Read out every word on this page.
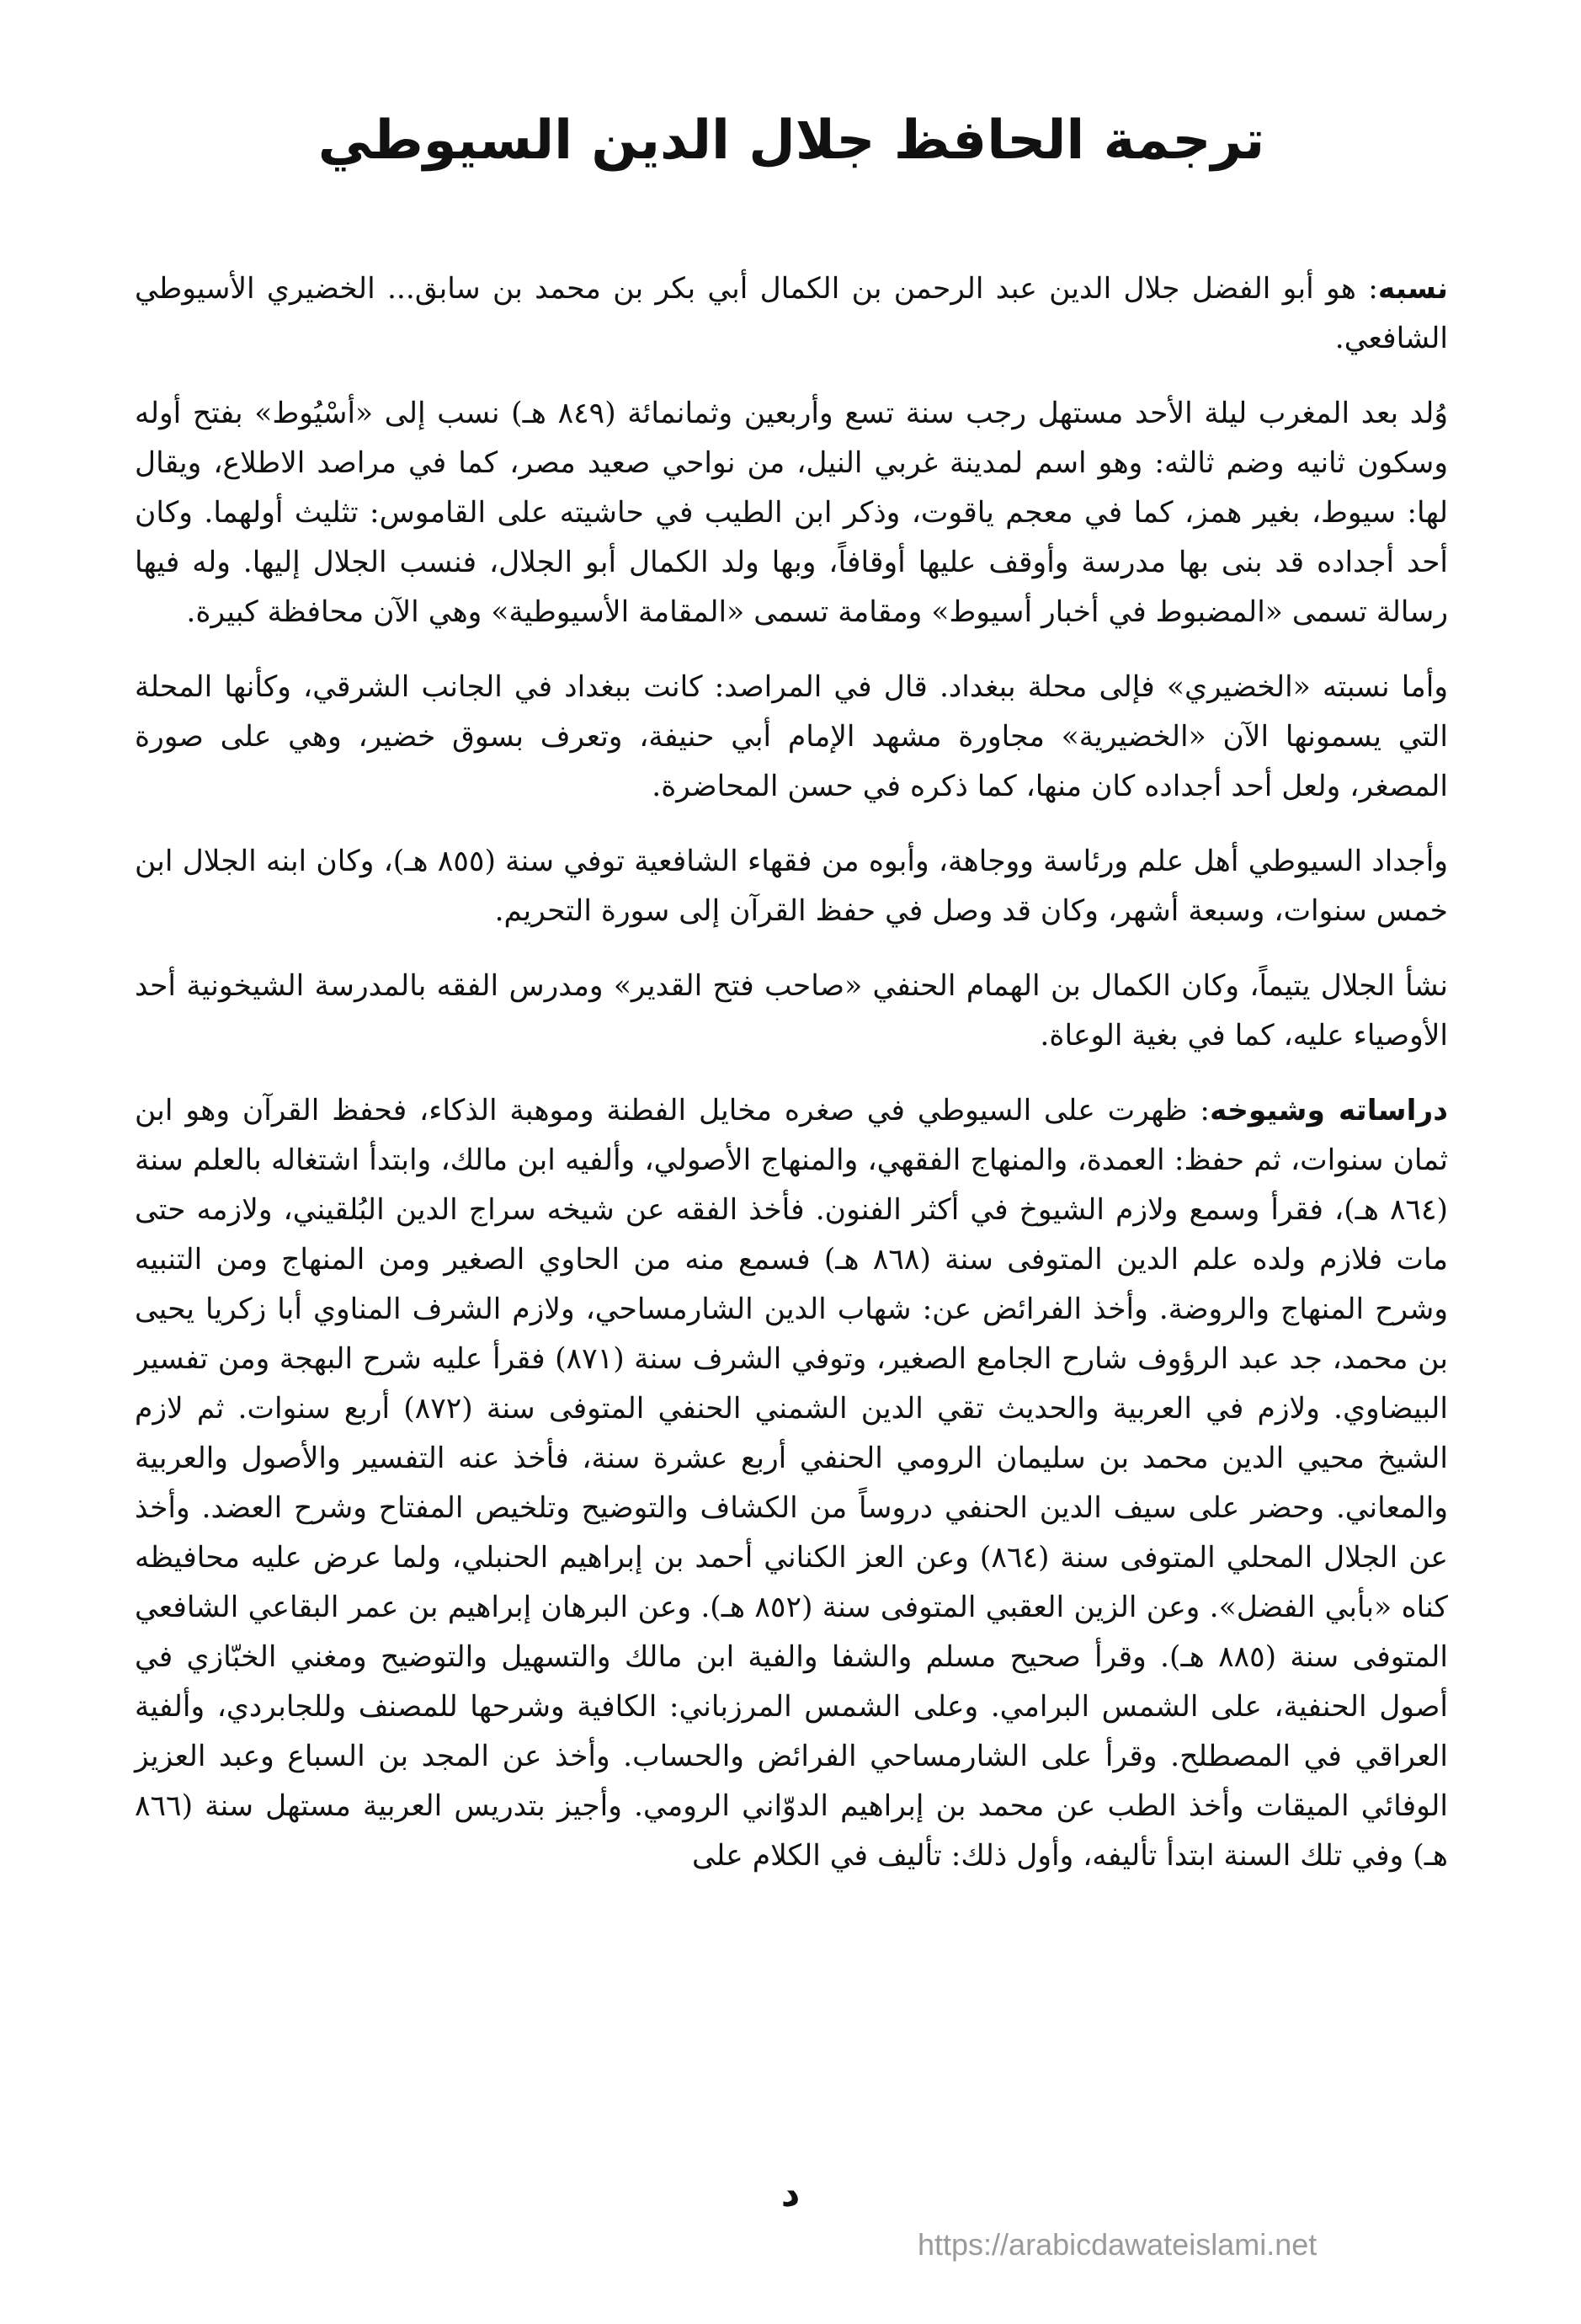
ترجمة الحافظ جلال الدين السيوطي

نسبه: هو أبو الفضل جلال الدين عبد الرحمن بن الكمال أبي بكر بن محمد بن سابق... الخضيري الأسيوطي الشافعي.

وُلد بعد المغرب ليلة الأحد مستهل رجب سنة تسع وأربعين وثمانمائة (٨٤٩ هـ) نسب إلى «أسْيُوط» بفتح أوله وسكون ثانيه وضم ثالثه: وهو اسم لمدينة غربي النيل، من نواحي صعيد مصر، كما في مراصد الاطلاع، ويقال لها: سيوط، بغير همز، كما في معجم ياقوت، وذكر ابن الطيب في حاشيته على القاموس: تثليث أولهما. وكان أحد أجداده قد بنى بها مدرسة وأوقف عليها أوقافاً، وبها ولد الكمال أبو الجلال، فنسب الجلال إليها. وله فيها رسالة تسمى «المضبوط في أخبار أسيوط» ومقامة تسمى «المقامة الأسيوطية» وهي الآن محافظة كبيرة.

وأما نسبته «الخضيري» فإلى محلة ببغداد. قال في المراصد: كانت ببغداد في الجانب الشرقي، وكأنها المحلة التي يسمونها الآن «الخضيرية» مجاورة مشهد الإمام أبي حنيفة، وتعرف بسوق خضير، وهي على صورة المصغر، ولعل أحد أجداده كان منها، كما ذكره في حسن المحاضرة.

وأجداد السيوطي أهل علم ورئاسة ووجاهة، وأبوه من فقهاء الشافعية توفي سنة (٨٥٥ هـ)، وكان ابنه الجلال ابن خمس سنوات، وسبعة أشهر، وكان قد وصل في حفظ القرآن إلى سورة التحريم.

نشأ الجلال يتيماً، وكان الكمال بن الهمام الحنفي «صاحب فتح القدير» ومدرس الفقه بالمدرسة الشيخونية أحد الأوصياء عليه، كما في بغية الوعاة.

دراساته وشيوخه: ظهرت على السيوطي في صغره مخايل الفطنة وموهبة الذكاء، فحفظ القرآن وهو ابن ثمان سنوات، ثم حفظ: العمدة، والمنهاج الفقهي، والمنهاج الأصولي، وألفيه ابن مالك، وابتدأ اشتغاله بالعلم سنة (٨٦٤ هـ)، فقرأ وسمع ولازم الشيوخ في أكثر الفنون. فأخذ الفقه عن شيخه سراج الدين البُلقيني، ولازمه حتى مات فلازم ولده علم الدين المتوفى سنة (٨٦٨ هـ) فسمع منه من الحاوي الصغير ومن المنهاج ومن التنبيه وشرح المنهاج والروضة. وأخذ الفرائض عن: شهاب الدين الشارمساحي، ولازم الشرف المناوي أبا زكريا يحيى بن محمد، جد عبد الرؤوف شارح الجامع الصغير، وتوفي الشرف سنة (٨٧١) فقرأ عليه شرح البهجة ومن تفسير البيضاوي. ولازم في العربية والحديث تقي الدين الشمني الحنفي المتوفى سنة (٨٧٢) أربع سنوات. ثم لازم الشيخ محيي الدين محمد بن سليمان الرومي الحنفي أربع عشرة سنة، فأخذ عنه التفسير والأصول والعربية والمعاني. وحضر على سيف الدين الحنفي دروساً من الكشاف والتوضيح وتلخيص المفتاح وشرح العضد. وأخذ عن الجلال المحلي المتوفى سنة (٨٦٤) وعن العز الكناني أحمد بن إبراهيم الحنبلي، ولما عرض عليه محافيظه كناه «بأبي الفضل». وعن الزين العقبي المتوفى سنة (٨٥٢ هـ). وعن البرهان إبراهيم بن عمر البقاعي الشافعي المتوفى سنة (٨٨٥ هـ). وقرأ صحيح مسلم والشفا والفية ابن مالك والتسهيل والتوضيح ومغني الخبّازي في أصول الحنفية، على الشمس البرامي. وعلى الشمس المرزباني: الكافية وشرحها للمصنف وللجابردي، وألفية العراقي في المصطلح. وقرأ على الشارمساحي الفرائض والحساب. وأخذ عن المجد بن السباع وعبد العزيز الوفائي الميقات وأخذ الطب عن محمد بن إبراهيم الدوّاني الرومي. وأجيز بتدريس العربية مستهل سنة (٨٦٦ هـ) وفي تلك السنة ابتدأ تأليفه، وأول ذلك: تأليف في الكلام على

د
https://arabicdawateislami.net
